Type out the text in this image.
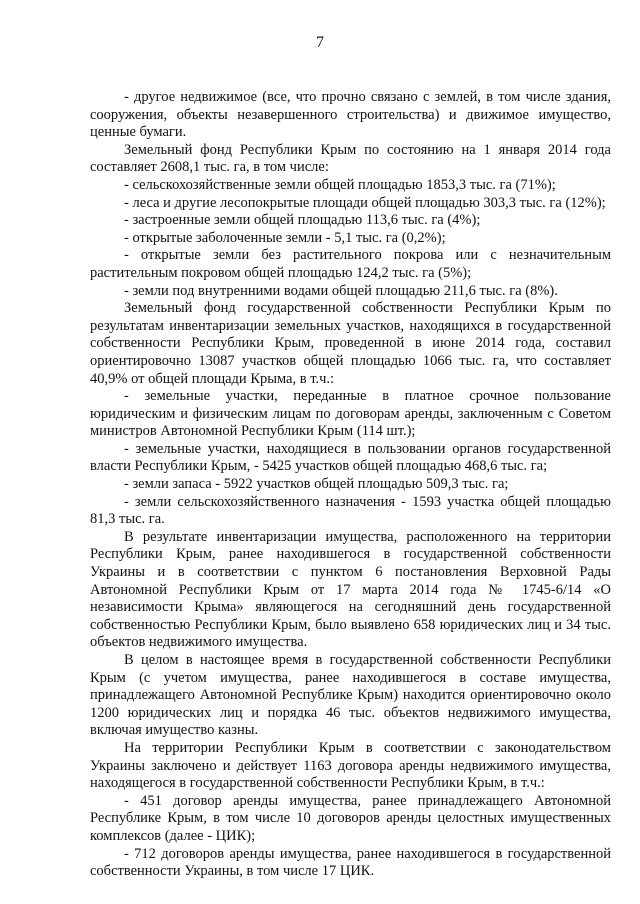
7

- другое недвижимое (все, что прочно связано с землей, в том числе здания, сооружения, объекты незавершенного строительства) и движимое имущество, ценные бумаги.

Земельный фонд Республики Крым по состоянию на 1 января 2014 года составляет 2608,1 тыс. га, в том числе:

- сельскохозяйственные земли общей площадью 1853,3 тыс. га (71%);

- леса и другие лесопокрытые площади общей площадью 303,3 тыс. га (12%);

- застроенные земли общей площадью 113,6 тыс. га (4%);

- открытые заболоченные земли - 5,1 тыс. га (0,2%);

- открытые земли без растительного покрова или с незначительным растительным покровом общей площадью 124,2 тыс. га (5%);

- земли под внутренними водами общей площадью 211,6 тыс. га (8%).

Земельный фонд государственной собственности Республики Крым по результатам инвентаризации земельных участков, находящихся в государственной собственности Республики Крым, проведенной в июне 2014 года, составил ориентировочно 13087 участков общей площадью 1066 тыс. га, что составляет 40,9% от общей площади Крыма, в т.ч.:

- земельные участки, переданные в платное срочное пользование юридическим и физическим лицам по договорам аренды, заключенным с Советом министров Автономной Республики Крым (114 шт.);

- земельные участки, находящиеся в пользовании органов государственной власти Республики Крым, - 5425 участков общей площадью 468,6 тыс. га;

- земли запаса - 5922 участков общей площадью 509,3 тыс. га;

- земли сельскохозяйственного назначения - 1593 участка общей площадью 81,3 тыс. га.

В результате инвентаризации имущества, расположенного на территории Республики Крым, ранее находившегося в государственной собственности Украины и в соответствии с пунктом 6 постановления Верховной Рады Автономной Республики Крым от 17 марта 2014 года № 1745-6/14 «О независимости Крыма» являющегося на сегодняшний день государственной собственностью Республики Крым, было выявлено 658 юридических лиц и 34 тыс. объектов недвижимого имущества.

В целом в настоящее время в государственной собственности Республики Крым (с учетом имущества, ранее находившегося в составе имущества, принадлежащего Автономной Республике Крым) находится ориентировочно около 1200 юридических лиц и порядка 46 тыс. объектов недвижимого имущества, включая имущество казны.

На территории Республики Крым в соответствии с законодательством Украины заключено и действует 1163 договора аренды недвижимого имущества, находящегося в государственной собственности Республики Крым, в т.ч.:

- 451 договор аренды имущества, ранее принадлежащего Автономной Республике Крым, в том числе 10 договоров аренды целостных имущественных комплексов (далее - ЦИК);

- 712 договоров аренды имущества, ранее находившегося в государственной собственности Украины, в том числе 17 ЦИК.
